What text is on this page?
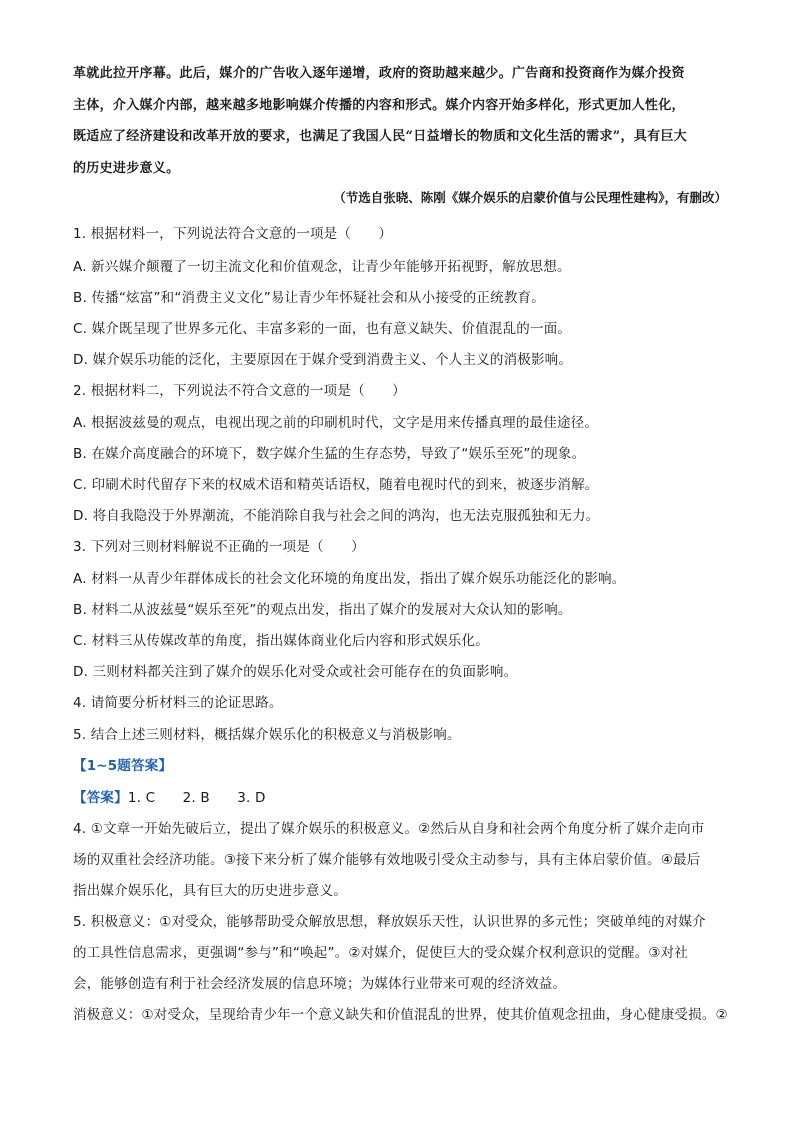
革就此拉开序幕。此后，媒介的广告收入逐年递增，政府的资助越来越少。广告商和投资商作为媒介投资

主体，介入媒介内部，越来越多地影响媒介传播的内容和形式。媒介内容开始多样化，形式更加人性化，

既适应了经济建设和改革开放的要求，也满足了我国人民“日益增长的物质和文化生活的需求”，具有巨大

的历史进步意义。

（节选自张晓、陈刚《媒介娱乐的启蒙价值与公民理性建构》，有删改）
1. 根据材料一，下列说法符合文意的一项是（　　）
A. 新兴媒介颠覆了一切主流文化和价值观念，让青少年能够开拓视野，解放思想。
B. 传播“炫富”和“消费主义文化”易让青少年怀疑社会和从小接受的正统教育。
C. 媒介既呈现了世界多元化、丰富多彩的一面，也有意义缺失、价值混乱的一面。
D. 媒介娱乐功能的泛化，主要原因在于媒介受到消费主义、个人主义的消极影响。
2. 根据材料二，下列说法不符合文意的一项是（　　）
A. 根据波兹曼的观点，电视出现之前的印刷机时代，文字是用来传播真理的最佳途径。
B. 在媒介高度融合的环境下，数字媒介生猛的生存态势，导致了“娱乐至死”的现象。
C. 印刷术时代留存下来的权威术语和精英话语权，随着电视时代的到来，被逐步消解。
D. 将自我隐没于外界潮流，不能消除自我与社会之间的鸿沟，也无法克服孤独和无力。
3. 下列对三则材料解说不正确的一项是（　　）
A. 材料一从青少年群体成长的社会文化环境的角度出发，指出了媒介娱乐功能泛化的影响。
B. 材料二从波兹曼“娱乐至死”的观点出发，指出了媒介的发展对大众认知的影响。
C. 材料三从传媒改革的角度，指出媒体商业化后内容和形式娱乐化。
D. 三则材料都关注到了媒介的娱乐化对受众或社会可能存在的负面影响。
4. 请简要分析材料三的论证思路。
5. 结合上述三则材料，概括媒介娱乐化的积极意义与消极影响。
【1~5题答案】
【答案】1. C　　2. B　　3. D
4. ①文章一开始先破后立，提出了媒介娱乐的积极意义。②然后从自身和社会两个角度分析了媒介走向市
场的双重社会经济功能。③接下来分析了媒介能够有效地吸引受众主动参与，具有主体启蒙价值。④最后
指出媒介娱乐化，具有巨大的历史进步意义。
5. 积极意义：①对受众，能够帮助受众解放思想，释放娱乐天性，认识世界的多元性；突破单纯的对媒介
的工具性信息需求，更强调“参与”和“唤起”。②对媒介，促使巨大的受众媒介权利意识的觉醒。③对社
会，能够创造有利于社会经济发展的信息环境；为媒体行业带来可观的经济效益。
消极意义：①对受众，呈现给青少年一个意义缺失和价值混乱的世界，使其价值观念扭曲，身心健康受损。②
